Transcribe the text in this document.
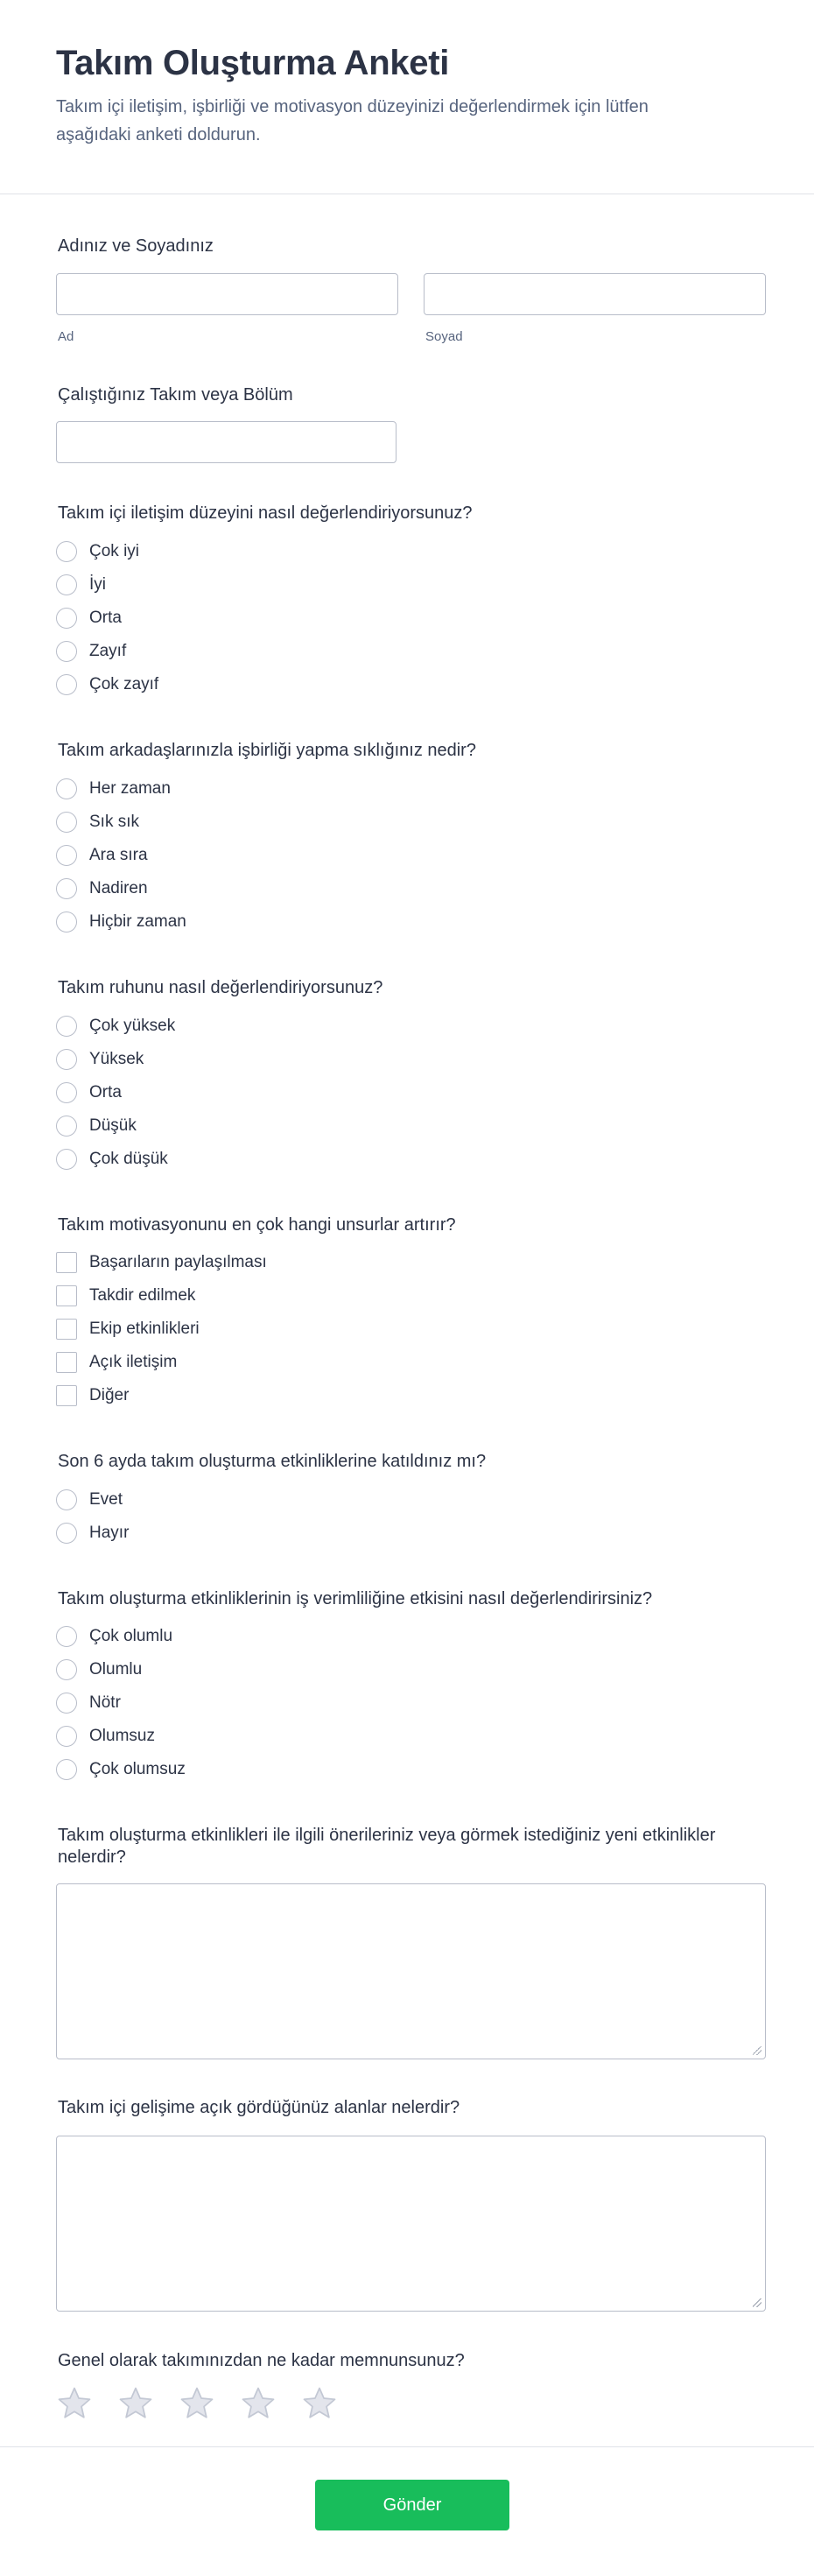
Takım Oluşturma Anketi

Takım içi iletişim, işbirliği ve motivasyon düzeyinizi değerlendirmek için lütfen aşağıdaki anketi doldurun.

Adınız ve Soyadınız
Ad	Soyad
Çalıştığınız Takım veya Bölüm
Takım içi iletişim düzeyini nasıl değerlendiriyorsunuz?
Çok iyi
İyi
Orta
Zayıf
Çok zayıf
Takım arkadaşlarınızla işbirliği yapma sıklığınız nedir?
Her zaman
Sık sık
Ara sıra
Nadiren
Hiçbir zaman
Takım ruhunu nasıl değerlendiriyorsunuz?
Çok yüksek
Yüksek
Orta
Düşük
Çok düşük
Takım motivasyonunu en çok hangi unsurlar artırır?
Başarıların paylaşılması
Takdir edilmek
Ekip etkinlikleri
Açık iletişim
Diğer
Son 6 ayda takım oluşturma etkinliklerine katıldınız mı?
Evet
Hayır
Takım oluşturma etkinliklerinin iş verimliliğine etkisini nasıl değerlendirirsiniz?
Çok olumlu
Olumlu
Nötr
Olumsuz
Çok olumsuz
Takım oluşturma etkinlikleri ile ilgili önerileriniz veya görmek istediğiniz yeni etkinlikler
nelerdir?
Takım içi gelişime açık gördüğünüz alanlar nelerdir?
Genel olarak takımınızdan ne kadar memnunsunuz?
Gönder
